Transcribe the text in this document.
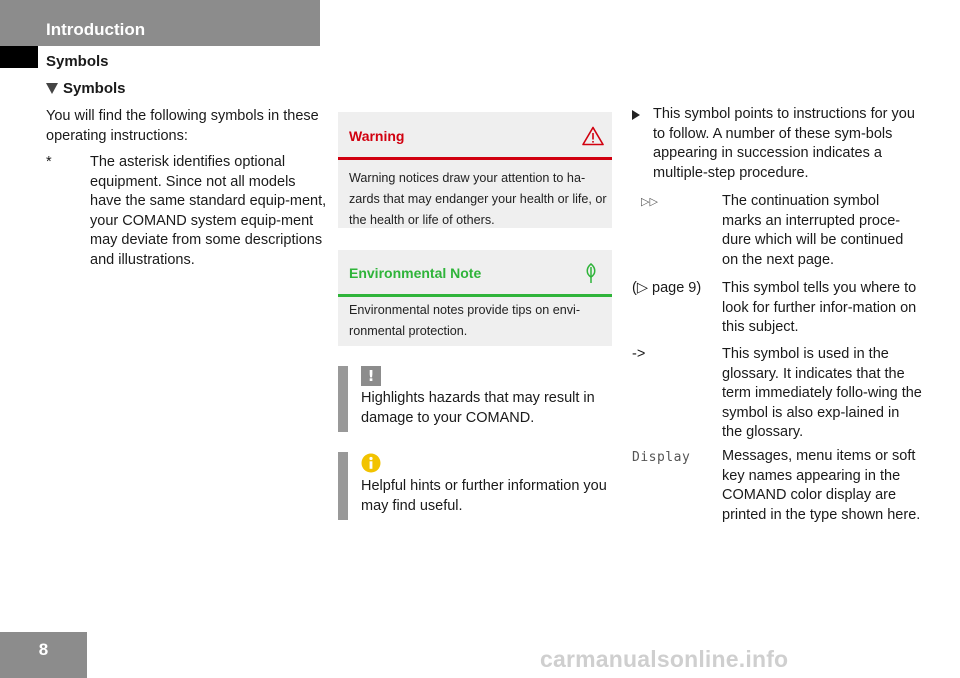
Introduction
Symbols
Symbols
You will find the following symbols in these operating instructions:
*	The asterisk identifies optional equipment. Since not all models have the same standard equip-ment, your COMAND system equip-ment may deviate from some descriptions and illustrations.
Warning
Warning notices draw your attention to ha-zards that may endanger your health or life, or the health or life of others.
Environmental Note
Environmental notes provide tips on envi-ronmental protection.
!
Highlights hazards that may result in damage to your COMAND.
Helpful hints or further information you may find useful.
This symbol points to instructions for you to follow. A number of these sym-bols appearing in succession indicates a multiple-step procedure.
▷▷	The continuation symbol marks an interrupted proce-dure which will be continued on the next page.
(▷ page 9) This symbol tells you where to look for further infor-mation on this subject.
->	This symbol is used in the glossary. It indicates that the term immediately follo-wing the symbol is also exp-lained in the glossary.
Display Messages, menu items or soft key names appearing in the COMAND color display are printed in the type shown here.
8	carmanualsonline.info
